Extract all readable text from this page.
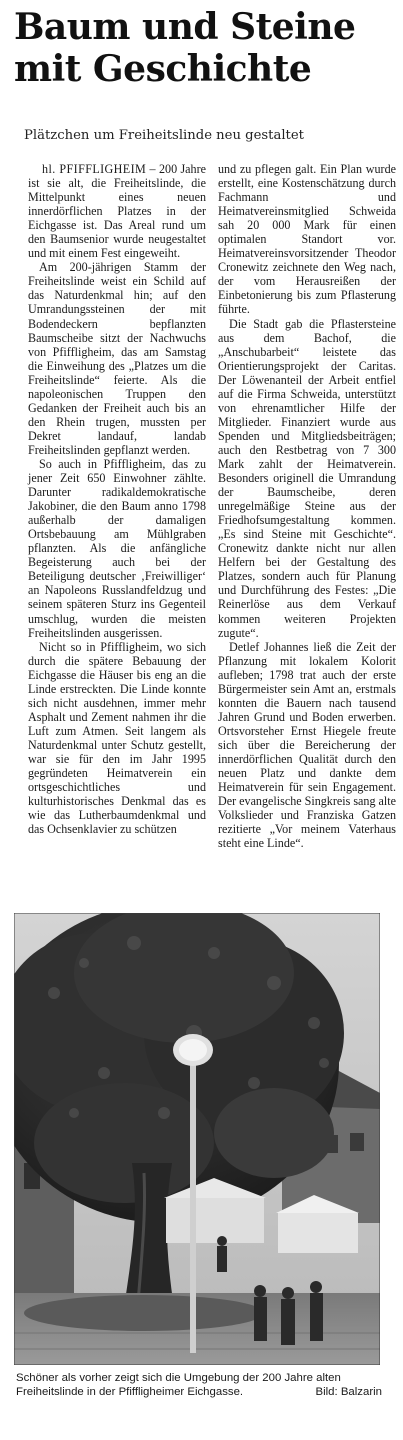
Baum und Steine
mit Geschichte
Plätzchen um Freiheitslinde neu gestaltet

hl. PFIFFLIGHEIM – 200 Jahre ist sie alt, die Freiheitslinde, die Mittelpunkt eines neuen innerdörflichen Platzes in der Eichgasse ist. Das Areal rund um den Baumsenior wurde neugestaltet und mit einem Fest eingeweiht.

Am 200-jährigen Stamm der Freiheitslinde weist ein Schild auf das Naturdenkmal hin; auf den Umrandungssteinen der mit Bodendeckern bepflanzten Baumscheibe sitzt der Nachwuchs von Pfiffligheim, das am Samstag die Einweihung des „Platzes um die Freiheitslinde“ feierte. Als die napoleonischen Truppen den Gedanken der Freiheit auch bis an den Rhein trugen, mussten per Dekret landauf, landab Freiheitslinden gepflanzt werden.

So auch in Pfiffligheim, das zu jener Zeit 650 Einwohner zählte. Darunter radikaldemokratische Jakobiner, die den Baum anno 1798 außerhalb der damaligen Ortsbebauung am Mühlgraben pflanzten. Als die anfängliche Begeisterung auch bei der Beteiligung deutscher ‚Freiwilliger‘ an Napoleons Russlandfeldzug und seinem späteren Sturz ins Gegenteil umschlug, wurden die meisten Freiheitslinden ausgerissen.

Nicht so in Pfiffligheim, wo sich durch die spätere Bebauung der Eichgasse die Häuser bis eng an die Linde erstreckten. Die Linde konnte sich nicht ausdehnen, immer mehr Asphalt und Zement nahmen ihr die Luft zum Atmen. Seit langem als Naturdenkmal unter Schutz gestellt, war sie für den im Jahr 1995 gegründeten Heimatverein ein ortsgeschichtliches und kulturhistorisches Denkmal das es wie das Lutherbaumdenkmal und das Ochsenklavier zu schützen

und zu pflegen galt. Ein Plan wurde erstellt, eine Kostenschätzung durch Fachmann und Heimatvereinsmitglied Schweida sah 20 000 Mark für einen optimalen Standort vor. Heimatvereinsvorsitzender Theodor Cronewitz zeichnete den Weg nach, der vom Herausreißen der Einbetonierung bis zum Pflasterung führte.

Die Stadt gab die Pflastersteine aus dem Bachof, die „Anschubarbeit“ leistete das Orientierungsprojekt der Caritas. Der Löwenanteil der Arbeit entfiel auf die Firma Schweida, unterstützt von ehrenamtlicher Hilfe der Mitglieder. Finanziert wurde aus Spenden und Mitgliedsbeiträgen; auch den Restbetrag von 7 300 Mark zahlt der Heimatverein. Besonders originell die Umrandung der Baumscheibe, deren unregelmäßige Steine aus der Friedhofsumgestaltung kommen. „Es sind Steine mit Geschichte“. Cronewitz dankte nicht nur allen Helfern bei der Gestaltung des Platzes, sondern auch für Planung und Durchführung des Festes: „Die Reinerlöse aus dem Verkauf kommen weiteren Projekten zugute“.

Detlef Johannes ließ die Zeit der Pflanzung mit lokalem Kolorit aufleben; 1798 trat auch der erste Bürgermeister sein Amt an, erstmals konnten die Bauern nach tausend Jahren Grund und Boden erwerben. Ortsvorsteher Ernst Hiegele freute sich über die Bereicherung der innerdörflichen Qualität durch den neuen Platz und dankte dem Heimatverein für sein Engagement. Der evangelische Singkreis sang alte Volkslieder und Franziska Gatzen rezitierte „Vor meinem Vaterhaus steht eine Linde“.

Schöner als vorher zeigt sich die Umgebung der 200 Jahre alten
Freiheitslinde in der Pfiffligheimer Eichgasse.	Bild: Balzarin
